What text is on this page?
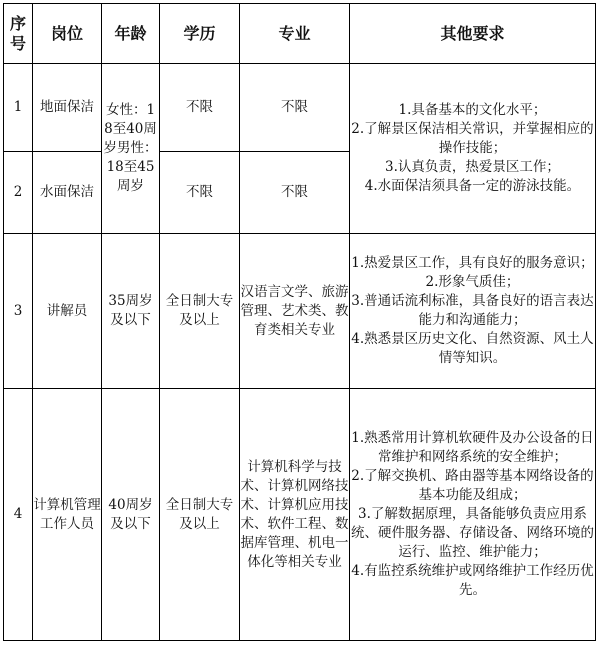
序号	岗位	年龄	学历	专业	其他要求
1	地面保洁	女性：18至40周岁男性：18至45周岁	不限	不限	1.具备基本的文化水平；

2.了解景区保洁相关常识，并掌握相应的操作技能；

3.认真负责，热爱景区工作；

4.水面保洁须具备一定的游泳技能。

2	水面保洁		不限	不限	
3	讲解员	35周岁及以下	全日制大专及以上	汉语言文学、旅游管理、艺术类、教育类相关专业	1.热爱景区工作，具有良好的服务意识；

2.形象气质佳；

3.普通话流利标准，具备良好的语言表达能力和沟通能力；

4.熟悉景区历史文化、自然资源、风土人情等知识。

4	计算机管理工作人员	40周岁及以下	全日制大专及以上	计算机科学与技术、计算机网络技术、计算机应用技术、软件工程、数据库管理、机电一体化等相关专业	1.熟悉常用计算机软硬件及办公设备的日常维护和网络系统的安全维护；

2.了解交换机、路由器等基本网络设备的基本功能及组成；

3.了解数据原理，具备能够负责应用系统、硬件服务器、存储设备、网络环境的运行、监控、维护能力；

4.有监控系统维护或网络维护工作经历优先。
